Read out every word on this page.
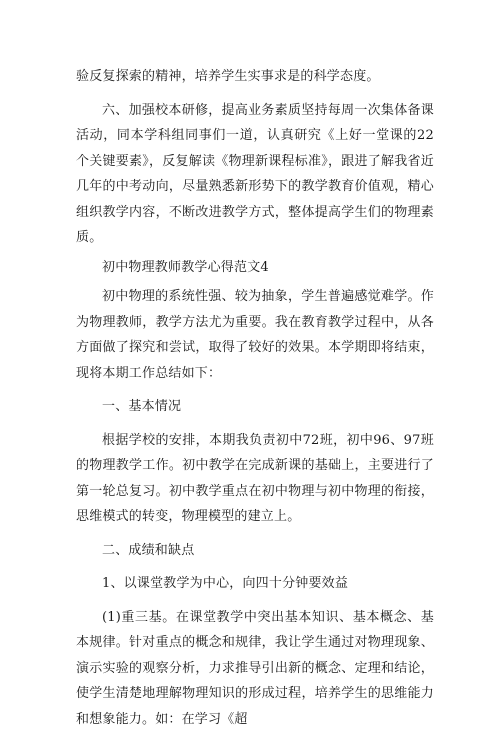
验反复探索的精神，培养学生实事求是的科学态度。

六、加强校本研修，提高业务素质坚持每周一次集体备课活动，同本学科组同事们一道，认真研究《上好一堂课的22个关键要素》，反复解读《物理新课程标准》，跟进了解我省近几年的中考动向，尽量熟悉新形势下的教学教育价值观，精心组织教学内容，不断改进教学方式，整体提高学生们的物理素质。

初中物理教师教学心得范文4

初中物理的系统性强、较为抽象，学生普遍感觉难学。作为物理教师，教学方法尤为重要。我在教育教学过程中，从各方面做了探究和尝试，取得了较好的效果。本学期即将结束，现将本期工作总结如下：

一、基本情况

根据学校的安排，本期我负责初中72班，初中96、97班的物理教学工作。初中教学在完成新课的基础上，主要进行了第一轮总复习。初中教学重点在初中物理与初中物理的衔接，思维模式的转变，物理模型的建立上。

二、成绩和缺点

1、以课堂教学为中心，向四十分钟要效益

(1)重三基。在课堂教学中突出基本知识、基本概念、基本规律。针对重点的概念和规律，我让学生通过对物理现象、演示实验的观察分析，力求推导引出新的概念、定理和结论，使学生清楚地理解物理知识的形成过程，培养学生的思维能力和想象能力。如：在学习《超
